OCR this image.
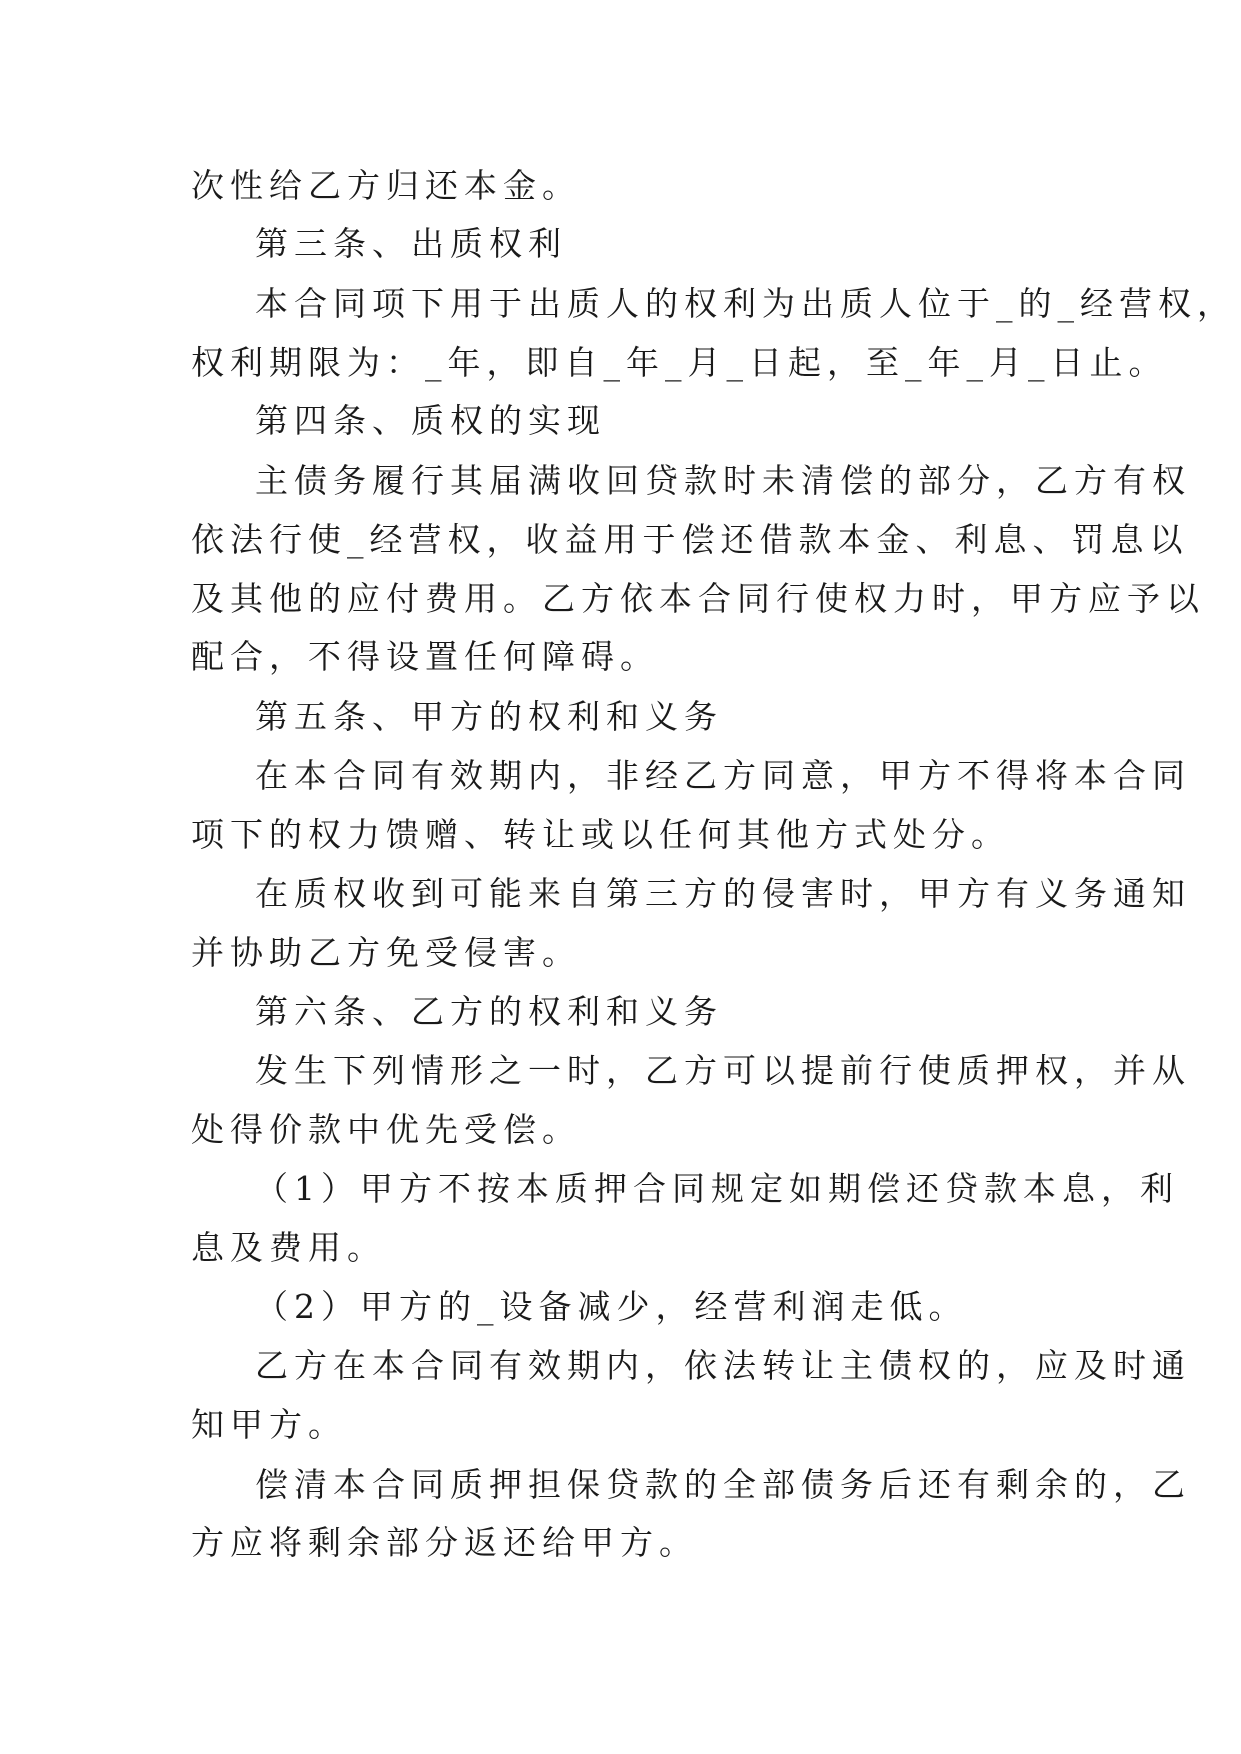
次性给乙方归还本金。
第三条、出质权利
本合同项下用于出质人的权利为出质人位于_的_经营权，
权利期限为：_年，即自_年_月_日起，至_年_月_日止。
第四条、质权的实现
主债务履行其届满收回贷款时未清偿的部分，乙方有权
依法行使_经营权，收益用于偿还借款本金、利息、罚息以
及其他的应付费用。乙方依本合同行使权力时，甲方应予以
配合，不得设置任何障碍。
第五条、甲方的权利和义务
在本合同有效期内，非经乙方同意，甲方不得将本合同
项下的权力馈赠、转让或以任何其他方式处分。
在质权收到可能来自第三方的侵害时，甲方有义务通知
并协助乙方免受侵害。
第六条、乙方的权利和义务
发生下列情形之一时，乙方可以提前行使质押权，并从
处得价款中优先受偿。
（1）甲方不按本质押合同规定如期偿还贷款本息，利
息及费用。
（2）甲方的_设备减少，经营利润走低。
乙方在本合同有效期内，依法转让主债权的，应及时通
知甲方。
偿清本合同质押担保贷款的全部债务后还有剩余的，乙
方应将剩余部分返还给甲方。
